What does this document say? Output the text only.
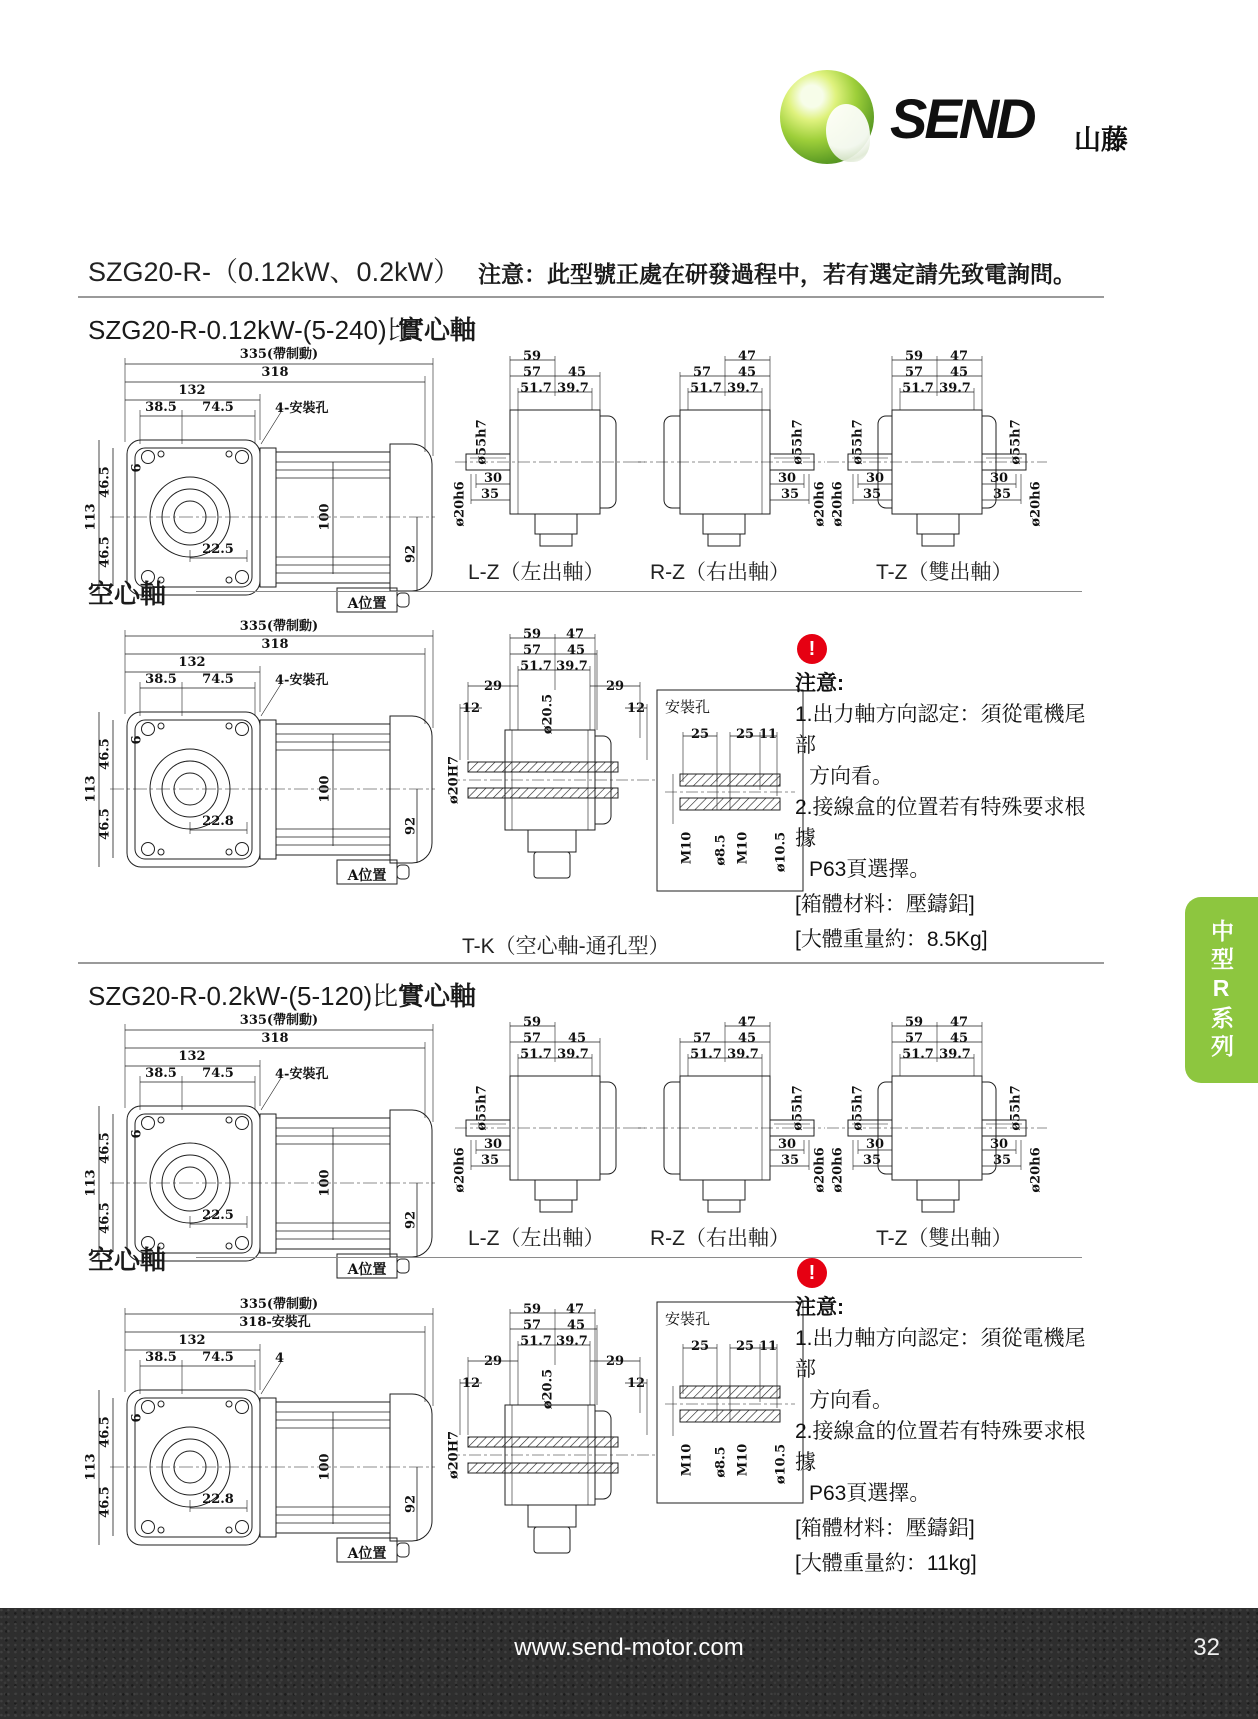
SEND 山藤
SZG20-R-（0.12kW、0.2kW） 注意：此型號正處在研發過程中，若有選定請先致電詢問。
SZG20-R-0.12kW-(5-240)比
實心軸
335(帶制動)
318
132
38.5 74.5	4-安裝孔
113
46.5
46.5
6
22.5
100
92
A位置
59
57 45
51.7 39.7
ø55h7
30
35
ø20h6
47
57 45
51.7 39.7
ø55h7
30
35 ø20h6
59 47
57 45
51.7 39.7
ø55h7	ø55h7
30
35
ø20h6
30
35 ø20h6
L-Z（左出軸） R-Z（右出軸）	T-Z（雙出軸）
空心軸
335(帶制動)
318
132
38.5 74.5	4-安裝孔
113
46.5
46.5
6
22.8
100
92
A位置
59 47
57 45
51.7 39.7
29	29
12	12
ø20.5
ø20H7
安裝孔
25 25 11
M10 ø8.5 M10 ø10.5
!
注意:
1.出力軸方向認定：須從電機尾部
方向看。
2.接線盒的位置若有特殊要求根據
P63頁選擇。
[箱體材料：壓鑄鋁]
[大體重量約：8.5Kg]
T-K（空心軸-通孔型）
SZG20-R-0.2kW-(5-120)比 實心軸
335(帶制動)
318
132
38.5 74.5	4-安裝孔
113
46.5
46.5
6
22.5
100
92
A位置
59
57 45
51.7 39.7
ø55h7
30
35
ø20h6
47
57 45
51.7 39.7
ø55h7
30
35 ø20h6
59 47
57 45
51.7 39.7
ø55h7	ø55h7
30
35
ø20h6
30
35 ø20h6
L-Z（左出軸） R-Z（右出軸）	T-Z（雙出軸）
空心軸
335(帶制動)
318-安裝孔
132
38.5 74.5	4
113
46.5
46.5
6
22.8
100
92
A位置
59 47
57 45
51.7 39.7
29	29
12	12
ø20.5
ø20H7
安裝孔
25 25 11
M10 ø8.5 M10 ø10.5
!
注意:
1.出力軸方向認定：須從電機尾部
方向看。
2.接線盒的位置若有特殊要求根據
P63頁選擇。
[箱體材料：壓鑄鋁]
[大體重量約：11kg]
中型R系列
www.send-motor.com	32
